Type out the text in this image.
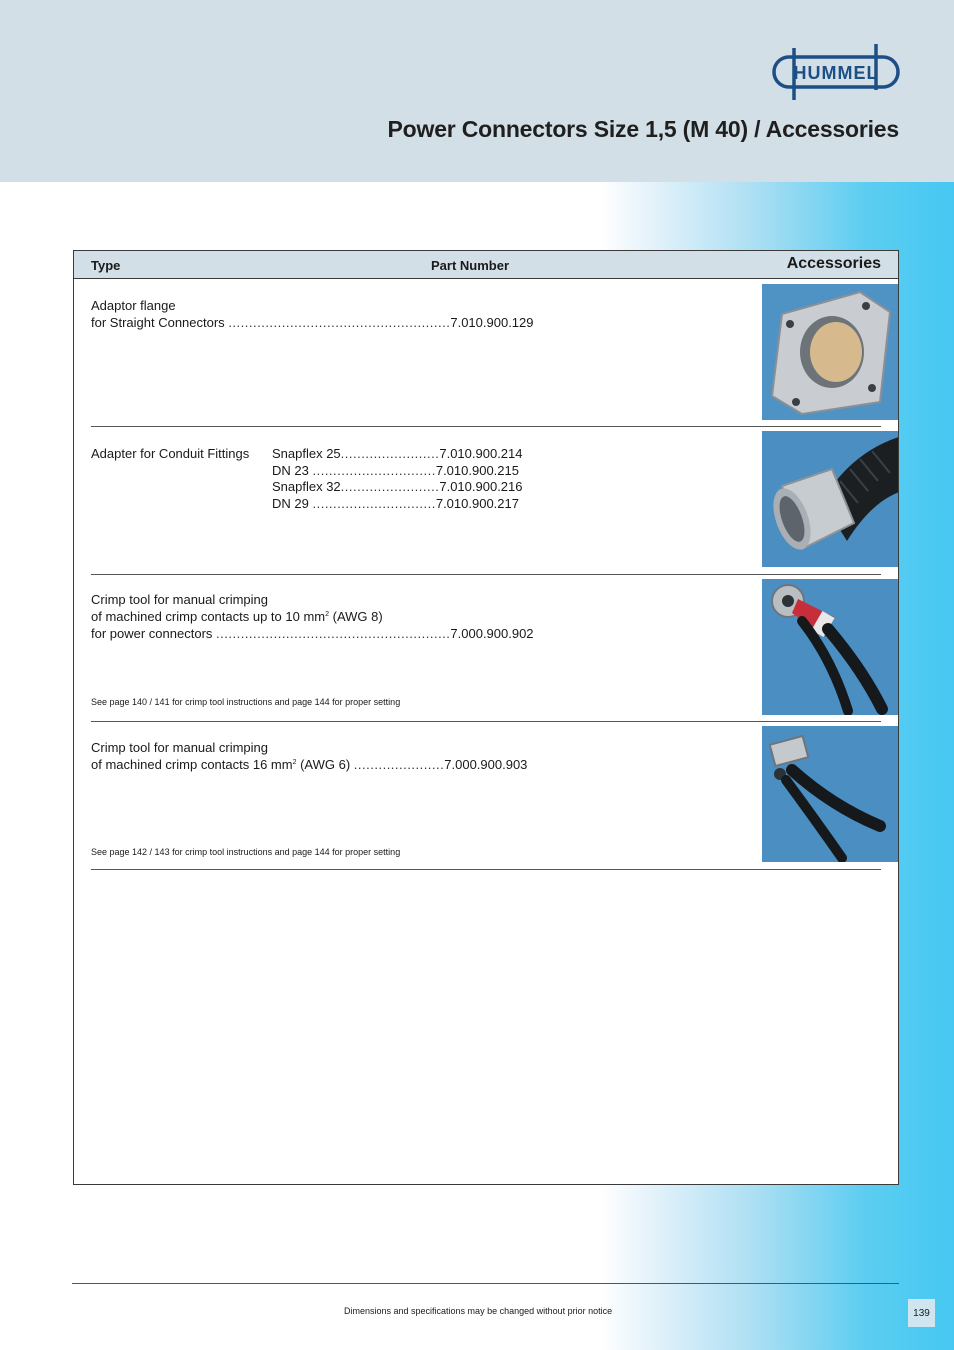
HUMMEL
Power Connectors Size 1,5 (M 40) / Accessories
Type	Part Number	Accessories
Adaptor flange
for Straight Connectors ......................................................7.010.900.129
Adapter for Conduit Fittings Snapflex 25........................7.010.900.214
DN 23 ..............................7.010.900.215
Snapflex 32........................7.010.900.216
DN 29 ..............................7.010.900.217
Crimp tool for manual crimping
of machined crimp contacts up to 10 $mm^2$ (AWG 8)
for power connectors .........................................................7.000.900.902
See page 140 / 141 for crimp tool instructions and page 144 for proper setting
Crimp tool for manual crimping
of machined crimp contacts 16 $mm^2$ (AWG 6) ......................7.000.900.903
See page 142 / 143 for crimp tool instructions and page 144 for proper setting
Dimensions and specifications may be changed without prior notice	139
